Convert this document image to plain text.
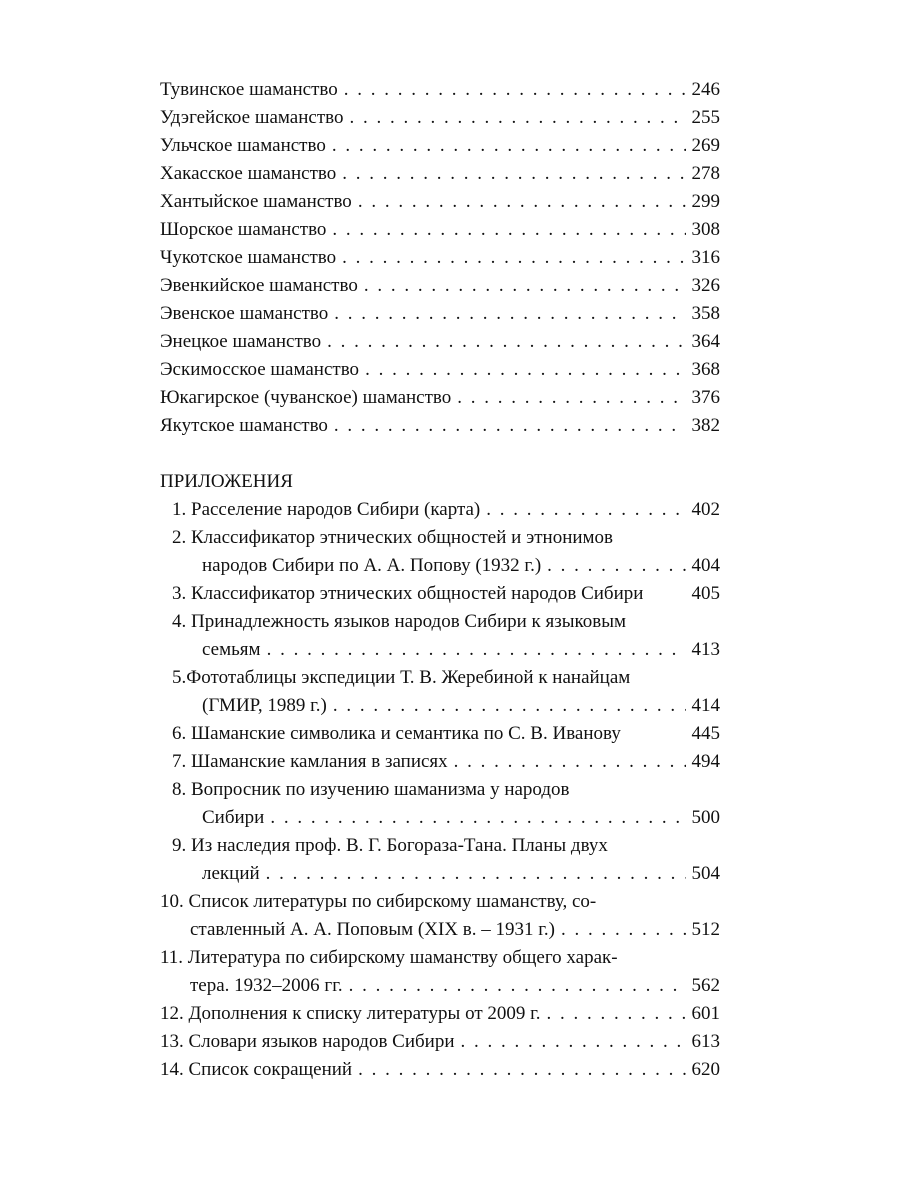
Тувинское шаманство . . .	246
Удэгейское шаманство . . .	255
Ульчское шаманство . . .	269
Хакасское шаманство . . .	278
Хантыйское шаманство . . .	299
Шорское шаманство . . .	308
Чукотское шаманство . . .	316
Эвенкийское шаманство . . .	326
Эвенское шаманство . . .	358
Энецкое шаманство . . .	364
Эскимосское шаманство . . .	368
Юкагирское (чуванское) шаманство . . .	376
Якутское шаманство . . .	382
ПРИЛОЖЕНИЯ
1. Расселение народов Сибири (карта) . . .	402
2. Классификатор этнических общностей и этнонимов
народов Сибири по А. А. Попову (1932 г.) . . .	404
3. Классификатор этнических общностей народов Сибири	405
4. Принадлежность языков народов Сибири к языковым
семьям . . .	413
5.Фототаблицы экспедиции Т. В. Жеребиной к нанайцам
(ГМИР, 1989 г.) . . .	414
6. Шаманские символика и семантика по С. В. Иванову	445
7. Шаманские камлания в записях . . .	494
8. Вопросник по изучению шаманизма у народов
Сибири . . .	500
9. Из наследия проф. В. Г. Богораза-Тана. Планы двух
лекций . . .	504
10. Список литературы по сибирскому шаманству, со-
ставленный А. А. Поповым (XIX в. – 1931 г.) . . .	512
11. Литература по сибирскому шаманству общего харак-
тера. 1932–2006 гг. . . .	562
12. Дополнения к списку литературы от 2009 г. . . .	601
13. Словари языков народов Сибири . . .	613
14. Список сокращений . . .	620
